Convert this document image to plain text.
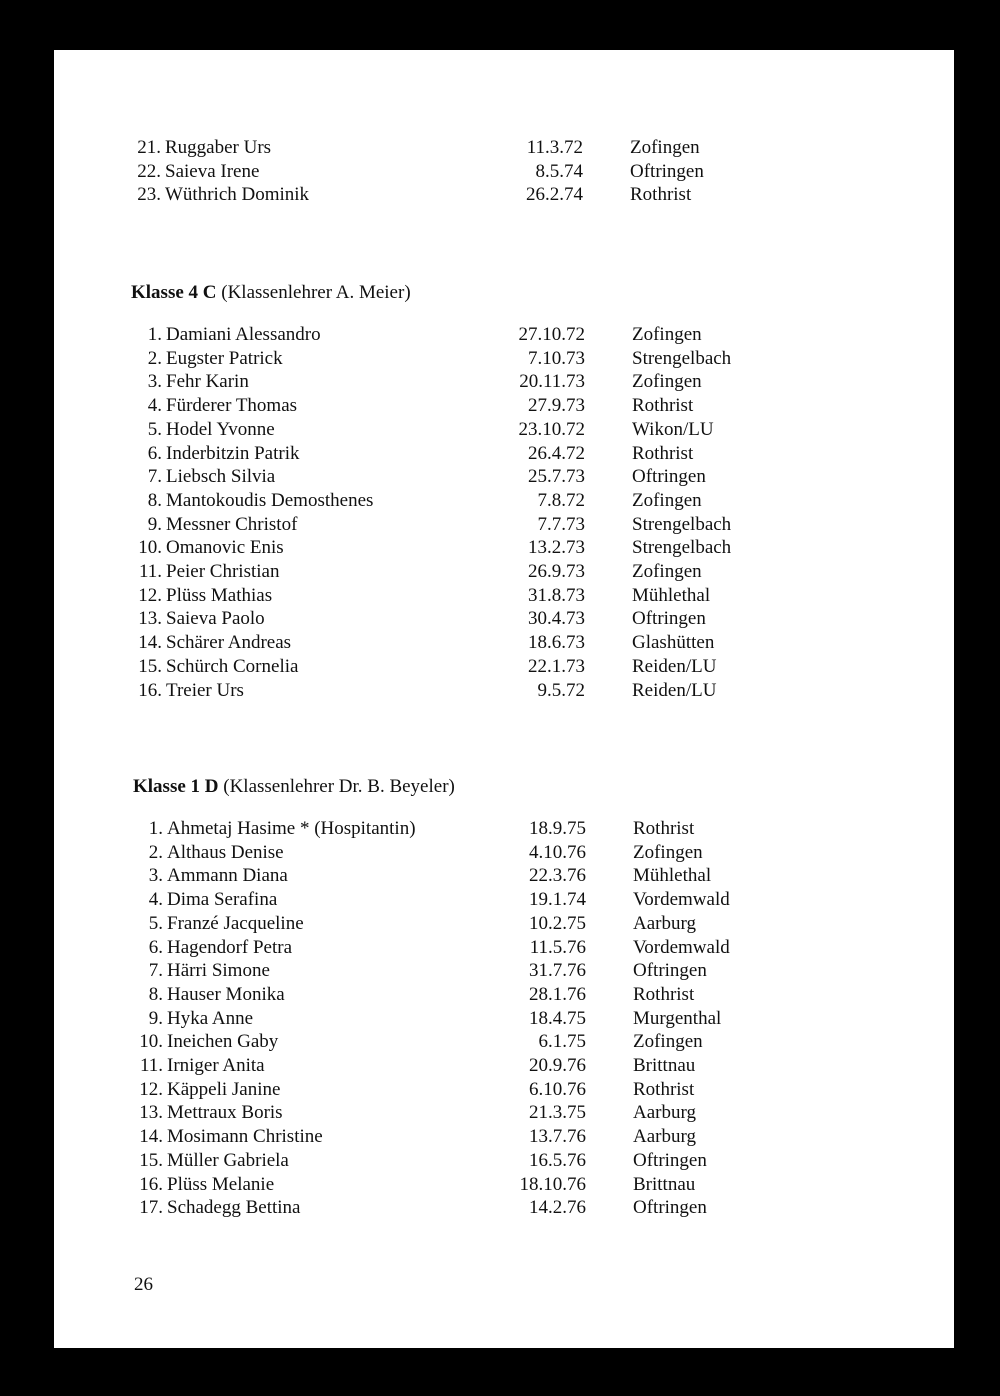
21. Ruggaber Urs	11.3.72 Zofingen
22. Saieva Irene	8.5.74 Oftringen
23. Wüthrich Dominik	26.2.74 Rothrist
Klasse 4 C (Klassenlehrer A. Meier)
1. Damiani Alessandro	27.10.72 Zofingen
2. Eugster Patrick	7.10.73 Strengelbach
3. Fehr Karin	20.11.73 Zofingen
4. Fürderer Thomas	27.9.73 Rothrist
5. Hodel Yvonne	23.10.72 Wikon/LU
6. Inderbitzin Patrik	26.4.72 Rothrist
7. Liebsch Silvia	25.7.73 Oftringen
8. Mantokoudis Demosthenes	7.8.72 Zofingen
9. Messner Christof	7.7.73 Strengelbach
10. Omanovic Enis	13.2.73 Strengelbach
11. Peier Christian	26.9.73 Zofingen
12. Plüss Mathias	31.8.73 Mühlethal
13. Saieva Paolo	30.4.73 Oftringen
14. Schärer Andreas	18.6.73 Glashütten
15. Schürch Cornelia	22.1.73 Reiden/LU
16. Treier Urs	9.5.72 Reiden/LU
Klasse 1 D (Klassenlehrer Dr. B. Beyeler)
1. Ahmetaj Hasime * (Hospitantin)	18.9.75 Rothrist
2. Althaus Denise	4.10.76 Zofingen
3. Ammann Diana	22.3.76 Mühlethal
4. Dima Serafina	19.1.74 Vordemwald
5. Franzé Jacqueline	10.2.75 Aarburg
6. Hagendorf Petra	11.5.76 Vordemwald
7. Härri Simone	31.7.76 Oftringen
8. Hauser Monika	28.1.76 Rothrist
9. Hyka Anne	18.4.75 Murgenthal
10. Ineichen Gaby	6.1.75 Zofingen
11. Irniger Anita	20.9.76 Brittnau
12. Käppeli Janine	6.10.76 Rothrist
13. Mettraux Boris	21.3.75 Aarburg
14. Mosimann Christine	13.7.76 Aarburg
15. Müller Gabriela	16.5.76 Oftringen
16. Plüss Melanie	18.10.76 Brittnau
17. Schadegg Bettina	14.2.76 Oftringen
26
